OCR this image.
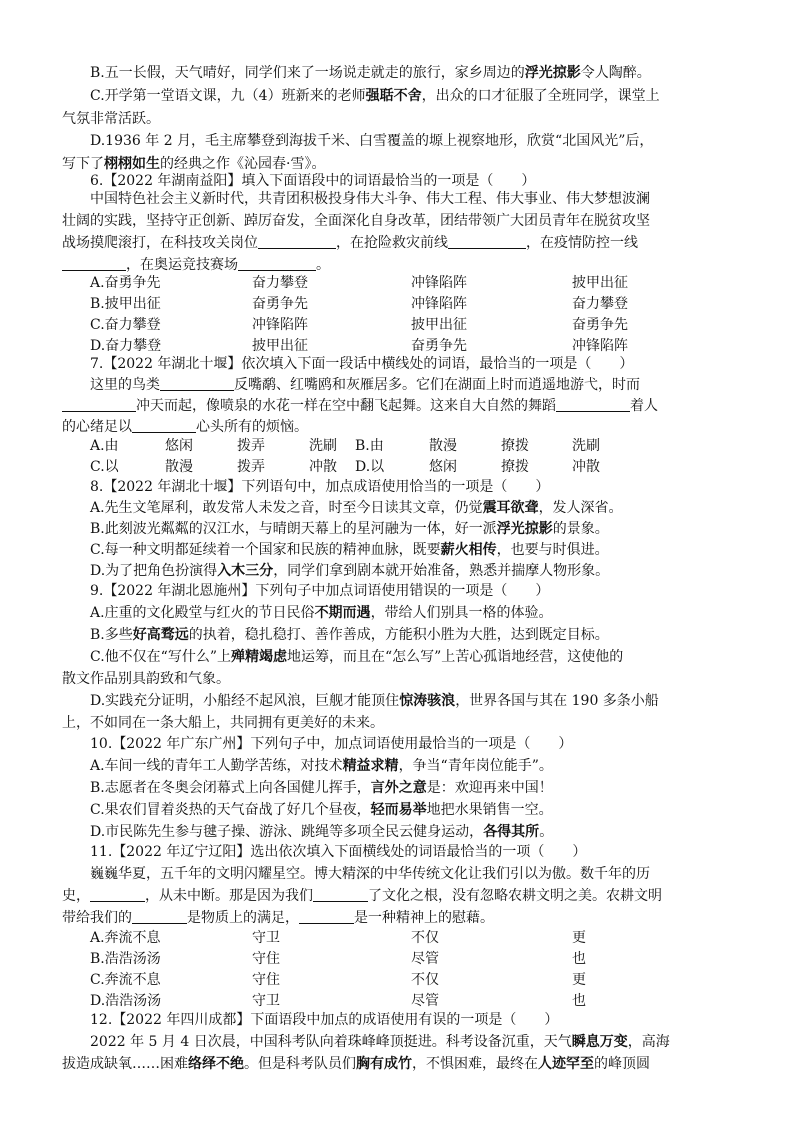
B.五一长假，天气晴好，同学们来了一场说走就走的旅行，家乡周边的浮光掠影令人陶醉。
C.开学第一堂语文课，九（4）班新来的老师强聒不舍，出众的口才征服了全班同学，课堂上
气氛非常活跃。
D.1936 年 2 月，毛主席攀登到海拔千米、白雪覆盖的塬上视察地形，欣赏“北国风光”后，
写下了栩栩如生的经典之作《沁园春·雪》。
6.【2022 年湖南益阳】填入下面语段中的词语最恰当的一项是（　　）
中国特色社会主义新时代，共青团积极投身伟大斗争、伟大工程、伟大事业、伟大梦想波澜
壮阔的实践，坚持守正创新、踔厉奋发，全面深化自身改革，团结带领广大团员青年在脱贫攻坚
战场摸爬滚打，在科技攻关岗位	，在抢险救灾前线	，在疫情防控一线
，在奥运竞技赛场	。
A.奋勇争先	奋力攀登	冲锋陷阵	披甲出征
B.披甲出征	奋勇争先	冲锋陷阵	奋力攀登
C.奋力攀登	冲锋陷阵	披甲出征	奋勇争先
D.奋力攀登	披甲出征	奋勇争先	冲锋陷阵
7.【2022 年湖北十堰】依次填入下面一段话中横线处的词语，最恰当的一项是（　　）
这里的鸟类	反嘴鹬、红嘴鸥和灰雁居多。它们在湖面上时而逍遥地游弋，时而
冲天而起，像喷泉的水花一样在空中翻飞起舞。这来自大自然的舞蹈	着人
的心绪足以	心头所有的烦恼。
A.由	悠闲	拨弄	洗刷 B.由	散漫	撩拨	洗刷
C.以	散漫	拨弄	冲散 D.以	悠闲	撩拨	冲散
8.【2022 年湖北十堰】下列语句中，加点成语使用恰当的一项是（　　）
A.先生文笔犀利，敢发常人未发之音，时至今日读其文章，仍觉震耳欲聋，发人深省。
B.此刻波光粼粼的汉江水，与晴朗天幕上的星河融为一体，好一派浮光掠影的景象。
C.每一种文明都延续着一个国家和民族的精神血脉，既要薪火相传，也要与时俱进。
D.为了把角色扮演得入木三分，同学们拿到剧本就开始准备，熟悉并揣摩人物形象。
9.【2022 年湖北恩施州】下列句子中加点词语使用错误的一项是（　　）
A.庄重的文化殿堂与红火的节日民俗不期而遇，带给人们别具一格的体验。
B.多些好高骛远的执着，稳扎稳打、善作善成，方能积小胜为大胜，达到既定目标。
C.他不仅在“写什么”上殚精竭虑地运筹，而且在“怎么写”上苦心孤诣地经营，这使他的
散文作品别具韵致和气象。
D.实践充分证明，小船经不起风浪，巨舰才能顶住惊涛骇浪，世界各国与其在 190 多条小船
上，不如同在一条大船上，共同拥有更美好的未来。
10.【2022 年广东广州】下列句子中，加点词语使用最恰当的一项是（　　）
A.车间一线的青年工人勤学苦练，对技术精益求精，争当“青年岗位能手”。
B.志愿者在冬奥会闭幕式上向各国健儿挥手，言外之意是：欢迎再来中国！
C.果农们冒着炎热的天气奋战了好几个昼夜，轻而易举地把水果销售一空。
D.市民陈先生参与毽子操、游泳、跳绳等多项全民云健身运动，各得其所。
11.【2022 年辽宁辽阳】选出依次填入下面横线处的词语最恰当的一项（　　）
巍巍华夏，五千年的文明闪耀星空。博大精深的中华传统文化让我们引以为傲。数千年的历
史，	，从未中断。那是因为我们	了文化之根，没有忽略农耕文明之美。农耕文明
带给我们的	是物质上的满足，	是一种精神上的慰藉。
A.奔流不息	守卫	不仅	更
B.浩浩汤汤	守住	尽管	也
C.奔流不息	守住	不仅	更
D.浩浩汤汤	守卫	尽管	也
12.【2022 年四川成都】下面语段中加点的成语使用有误的一项是（　　）
2022 年 5 月 4 日次晨，中国科考队向着珠峰峰顶挺进。科考设备沉重，天气瞬息万变，高海
拔造成缺氧……困难络绎不绝。但是科考队员们胸有成竹，不惧困难，最终在人迹罕至的峰顶圆
